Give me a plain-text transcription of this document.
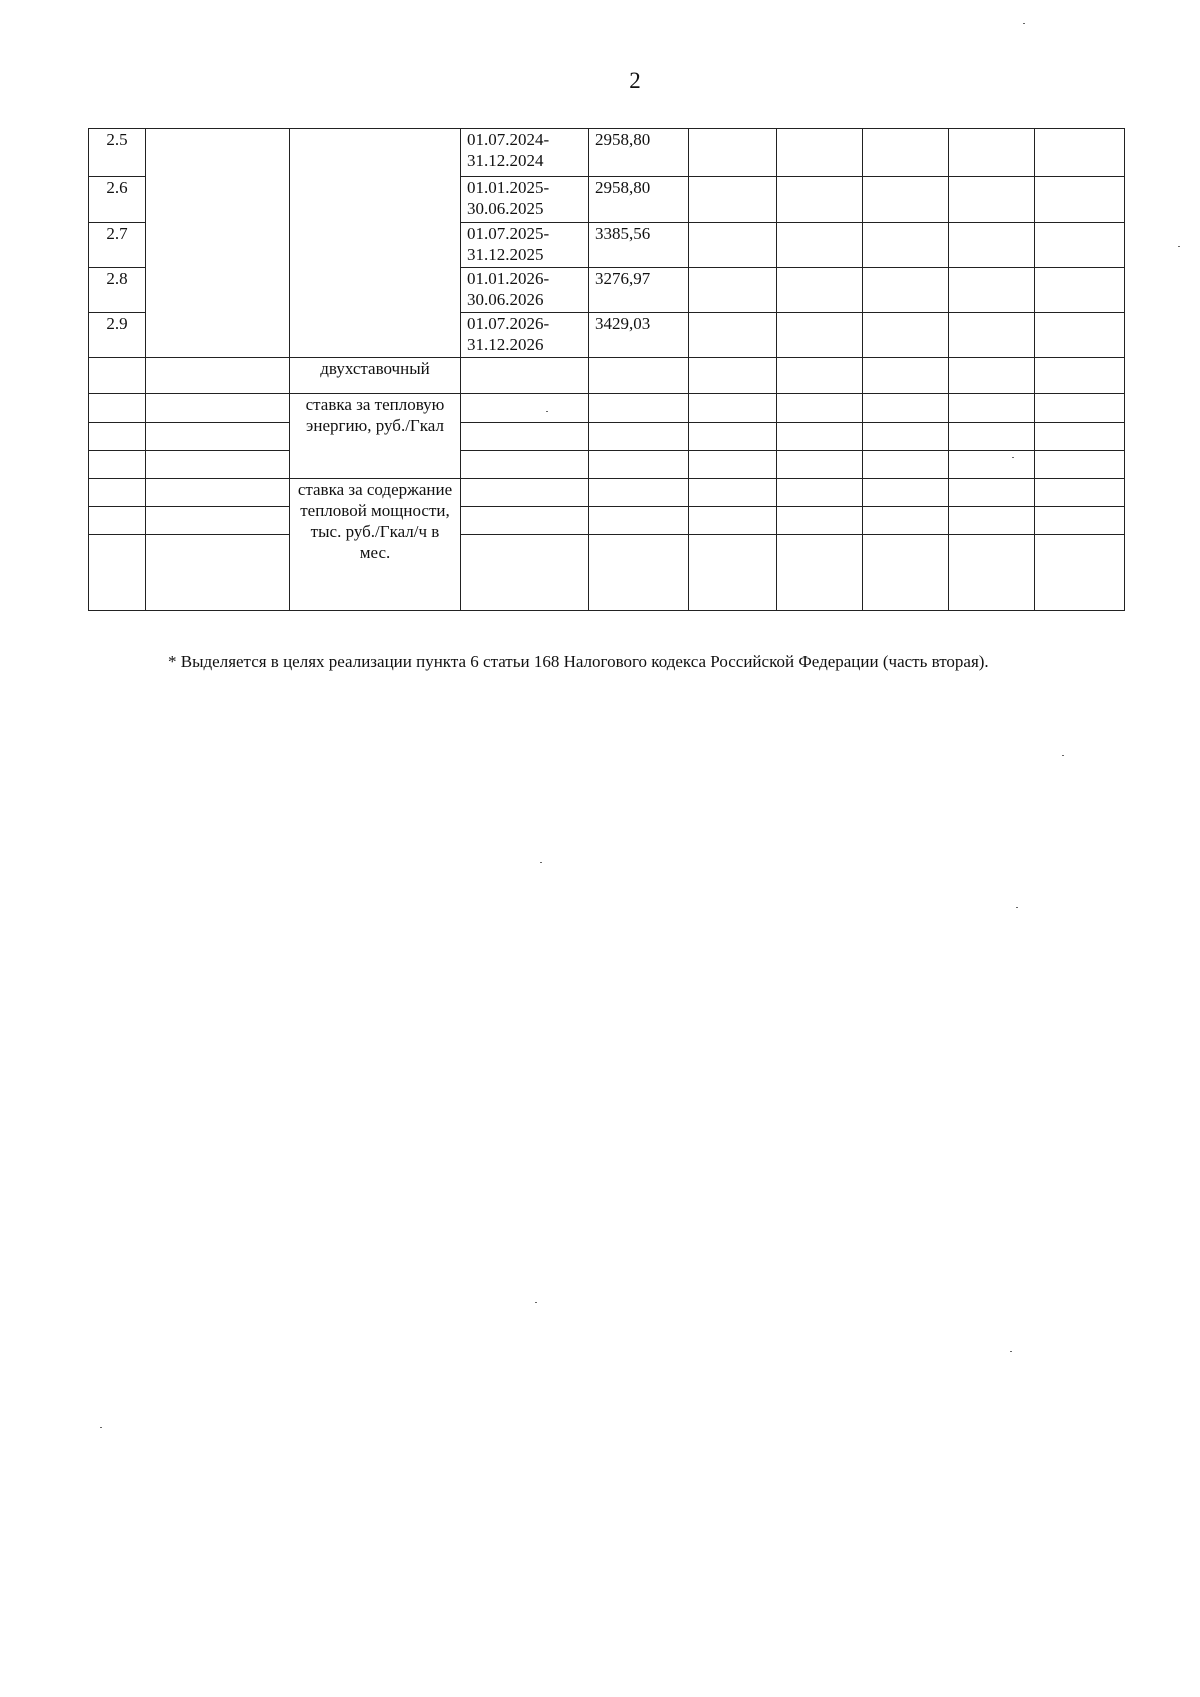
2
2.5			01.07.2024-31.12.2024	2958,80					
2.6			01.01.2025-30.06.2025	2958,80					
2.7			01.07.2025-31.12.2025	3385,56					
2.8			01.01.2026-30.06.2026	3276,97					
2.9			01.07.2026-31.12.2026	3429,03					
		двухставочный							
		ставка за тепловую энергию, руб./Гкал							

		ставка за содержание тепловой мощности, тыс. руб./Гкал/ч в мес.							

* Выделяется в целях реализации пункта 6 статьи 168 Налогового кодекса Российской Федерации (часть вторая).
